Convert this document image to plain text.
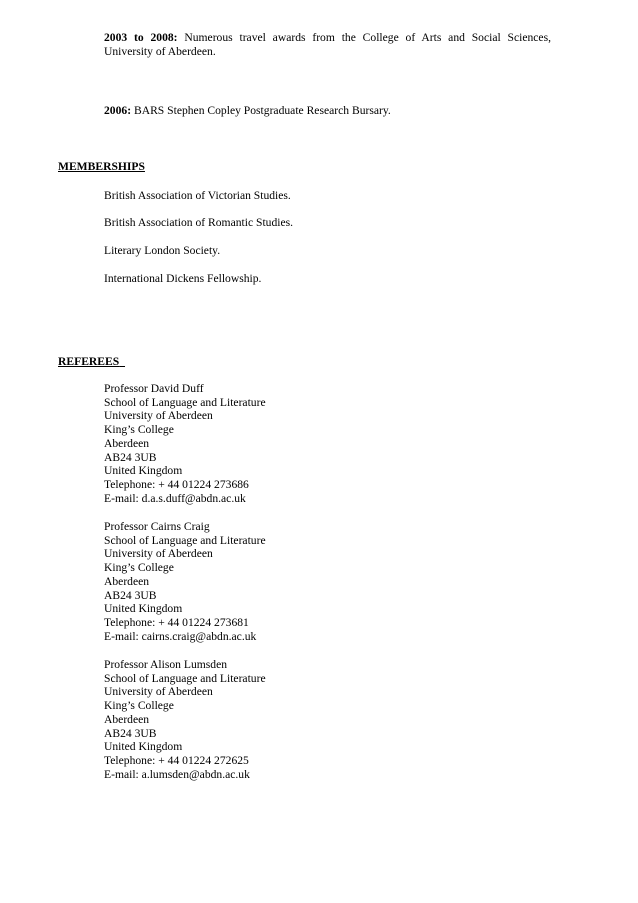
2003 to 2008: Numerous travel awards from the College of Arts and Social Sciences, University of Aberdeen.
2006: BARS Stephen Copley Postgraduate Research Bursary.
MEMBERSHIPS
British Association of Victorian Studies.
British Association of Romantic Studies.
Literary London Society.
International Dickens Fellowship.
REFEREES
Professor David Duff
School of Language and Literature
University of Aberdeen
King’s College
Aberdeen
AB24 3UB
United Kingdom
Telephone: + 44 01224 273686
E-mail: d.a.s.duff@abdn.ac.uk
Professor Cairns Craig
School of Language and Literature
University of Aberdeen
King’s College
Aberdeen
AB24 3UB
United Kingdom
Telephone: + 44 01224 273681
E-mail: cairns.craig@abdn.ac.uk
Professor Alison Lumsden
School of Language and Literature
University of Aberdeen
King’s College
Aberdeen
AB24 3UB
United Kingdom
Telephone: + 44 01224 272625
E-mail: a.lumsden@abdn.ac.uk
